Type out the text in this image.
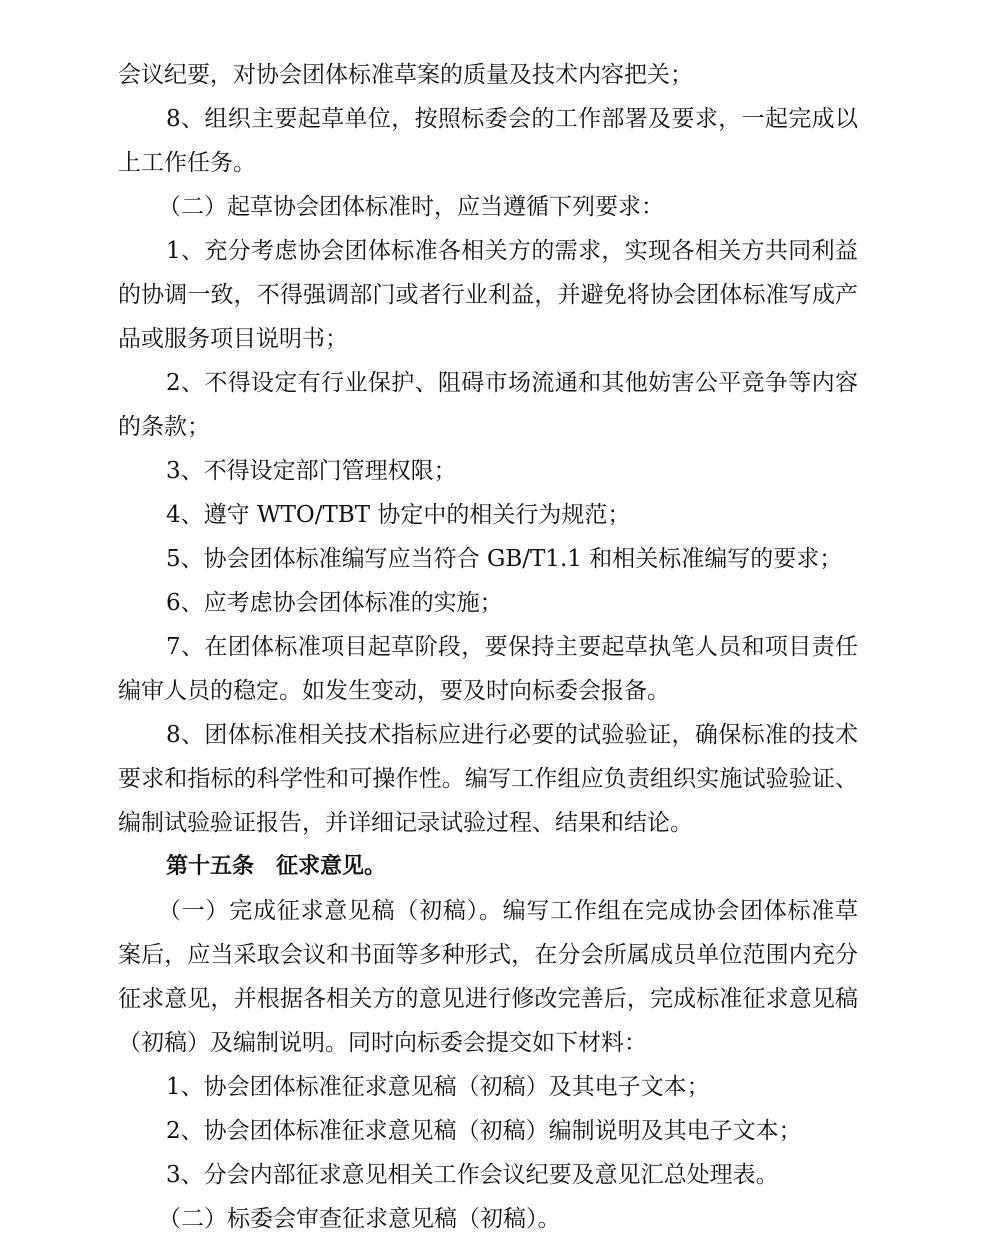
会议纪要，对协会团体标准草案的质量及技术内容把关；

8、组织主要起草单位，按照标委会的工作部署及要求，一起完成以上工作任务。

（二）起草协会团体标准时，应当遵循下列要求：

1、充分考虑协会团体标准各相关方的需求，实现各相关方共同利益的协调一致，不得强调部门或者行业利益，并避免将协会团体标准写成产品或服务项目说明书；

2、不得设定有行业保护、阻碍市场流通和其他妨害公平竞争等内容的条款；

3、不得设定部门管理权限；

4、遵守 WTO/TBT 协定中的相关行为规范；

5、协会团体标准编写应当符合 GB/T1.1 和相关标准编写的要求；

6、应考虑协会团体标准的实施；

7、在团体标准项目起草阶段，要保持主要起草执笔人员和项目责任编审人员的稳定。如发生变动，要及时向标委会报备。

8、团体标准相关技术指标应进行必要的试验验证，确保标准的技术要求和指标的科学性和可操作性。编写工作组应负责组织实施试验验证、编制试验验证报告，并详细记录试验过程、结果和结论。

第十五条　征求意见。

（一）完成征求意见稿（初稿）。编写工作组在完成协会团体标准草案后，应当采取会议和书面等多种形式，在分会所属成员单位范围内充分征求意见，并根据各相关方的意见进行修改完善后，完成标准征求意见稿（初稿）及编制说明。同时向标委会提交如下材料：

1、协会团体标准征求意见稿（初稿）及其电子文本；

2、协会团体标准征求意见稿（初稿）编制说明及其电子文本；

3、分会内部征求意见相关工作会议纪要及意见汇总处理表。

（二）标委会审查征求意见稿（初稿）。
